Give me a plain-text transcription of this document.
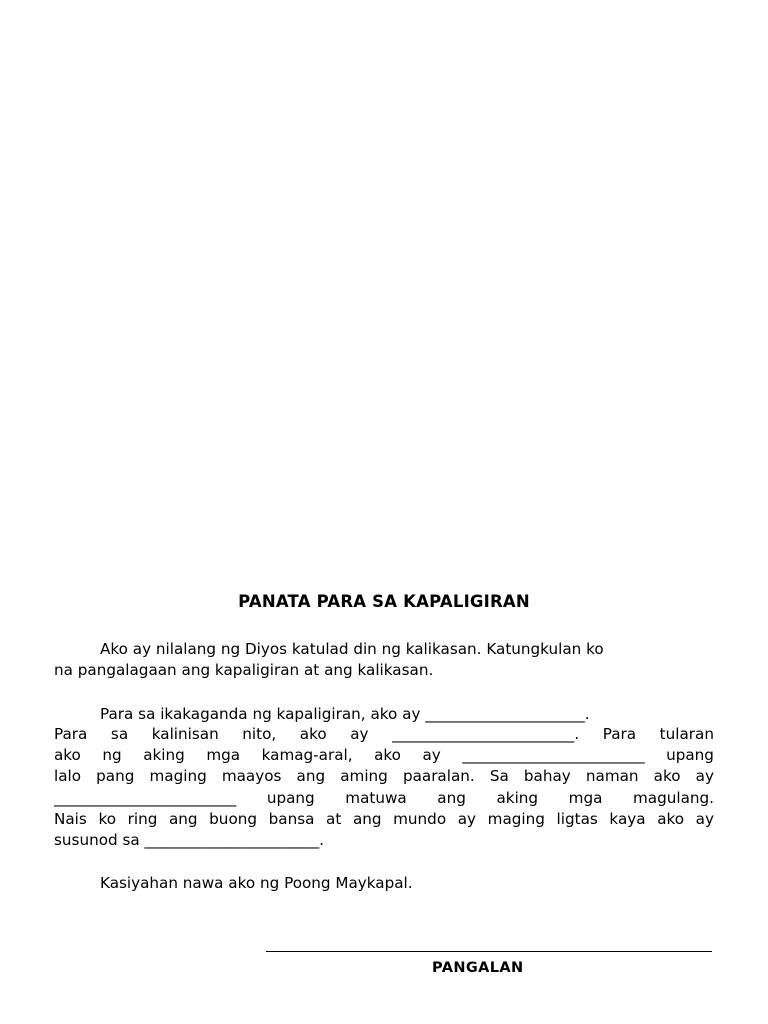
PANATA PARA SA KAPALIGIRAN
Ako ay nilalang ng Diyos katulad din ng kalikasan. Katungkulan ko
na pangalagaan ang kapaligiran at ang kalikasan.
Para sa ikakaganda ng kapaligiran, ako ay _____________________.
Para sa kalinisan nito, ako ay ________________________. Para tularan
ako ng aking mga kamag-aral, ako ay ________________________ upang
lalo pang maging maayos ang aming paaralan. Sa bahay naman ako ay
________________________ upang matuwa ang aking mga magulang.
Nais ko ring ang buong bansa at ang mundo ay maging ligtas kaya ako ay
susunod sa _______________________.
Kasiyahan nawa ako ng Poong Maykapal.
PANGALAN
